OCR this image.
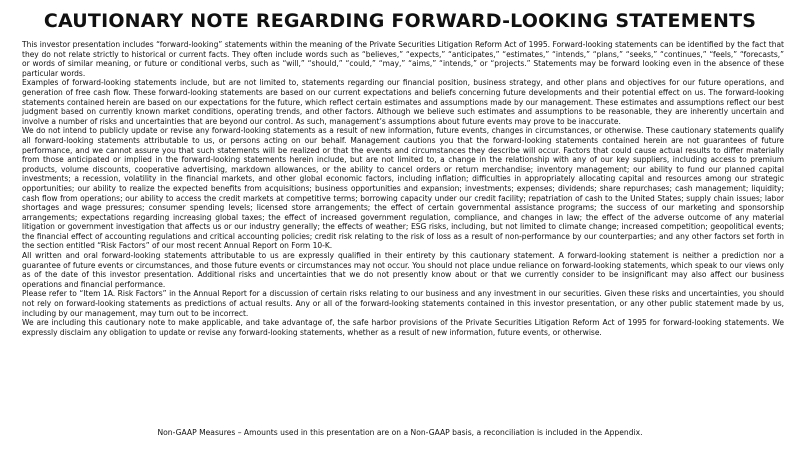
CAUTIONARY NOTE REGARDING FORWARD-LOOKING STATEMENTS

This investor presentation includes “forward-looking” statements within the meaning of the Private Securities Litigation Reform Act of 1995. Forward-looking statements can be identified by the fact that they do not relate strictly to historical or current facts. They often include words such as “believes,” “expects,” “anticipates,” “estimates,” “intends,” “plans,” “seeks,” “continues,” “feels,” “forecasts,” or words of similar meaning, or future or conditional verbs, such as “will,” “should,” “could,” “may,” “aims,” “intends,” or “projects.” Statements may be forward looking even in the absence of these particular words.

Examples of forward-looking statements include, but are not limited to, statements regarding our financial position, business strategy, and other plans and objectives for our future operations, and generation of free cash flow. These forward-looking statements are based on our current expectations and beliefs concerning future developments and their potential effect on us. The forward-looking statements contained herein are based on our expectations for the future, which reflect certain estimates and assumptions made by our management. These estimates and assumptions reflect our best judgment based on currently known market conditions, operating trends, and other factors. Although we believe such estimates and assumptions to be reasonable, they are inherently uncertain and involve a number of risks and uncertainties that are beyond our control. As such, management’s assumptions about future events may prove to be inaccurate.

We do not intend to publicly update or revise any forward-looking statements as a result of new information, future events, changes in circumstances, or otherwise. These cautionary statements qualify all forward-looking statements attributable to us, or persons acting on our behalf. Management cautions you that the forward-looking statements contained herein are not guarantees of future performance, and we cannot assure you that such statements will be realized or that the events and circumstances they describe will occur. Factors that could cause actual results to differ materially from those anticipated or implied in the forward-looking statements herein include, but are not limited to, a change in the relationship with any of our key suppliers, including access to premium products, volume discounts, cooperative advertising, markdown allowances, or the ability to cancel orders or return merchandise; inventory management; our ability to fund our planned capital investments; a recession, volatility in the financial markets, and other global economic factors, including inflation; difficulties in appropriately allocating capital and resources among our strategic opportunities; our ability to realize the expected benefits from acquisitions; business opportunities and expansion; investments; expenses; dividends; share repurchases; cash management; liquidity; cash flow from operations; our ability to access the credit markets at competitive terms; borrowing capacity under our credit facility; repatriation of cash to the United States; supply chain issues; labor shortages and wage pressures; consumer spending levels; licensed store arrangements; the effect of certain governmental assistance programs; the success of our marketing and sponsorship arrangements; expectations regarding increasing global taxes; the effect of increased government regulation, compliance, and changes in law; the effect of the adverse outcome of any material litigation or government investigation that affects us or our industry generally; the effects of weather; ESG risks, including, but not limited to climate change; increased competition; geopolitical events; the financial effect of accounting regulations and critical accounting policies; credit risk relating to the risk of loss as a result of non-performance by our counterparties; and any other factors set forth in the section entitled “Risk Factors” of our most recent Annual Report on Form 10-K.

All written and oral forward-looking statements attributable to us are expressly qualified in their entirety by this cautionary statement. A forward-looking statement is neither a prediction nor a guarantee of future events or circumstances, and those future events or circumstances may not occur. You should not place undue reliance on forward-looking statements, which speak to our views only as of the date of this investor presentation. Additional risks and uncertainties that we do not presently know about or that we currently consider to be insignificant may also affect our business operations and financial performance.

Please refer to “Item 1A. Risk Factors” in the Annual Report for a discussion of certain risks relating to our business and any investment in our securities. Given these risks and uncertainties, you should not rely on forward-looking statements as predictions of actual results. Any or all of the forward-looking statements contained in this investor presentation, or any other public statement made by us, including by our management, may turn out to be incorrect.

We are including this cautionary note to make applicable, and take advantage of, the safe harbor provisions of the Private Securities Litigation Reform Act of 1995 for forward-looking statements. We expressly disclaim any obligation to update or revise any forward-looking statements, whether as a result of new information, future events, or otherwise.

Non-GAAP Measures – Amounts used in this presentation are on a Non-GAAP basis, a reconciliation is included in the Appendix.
